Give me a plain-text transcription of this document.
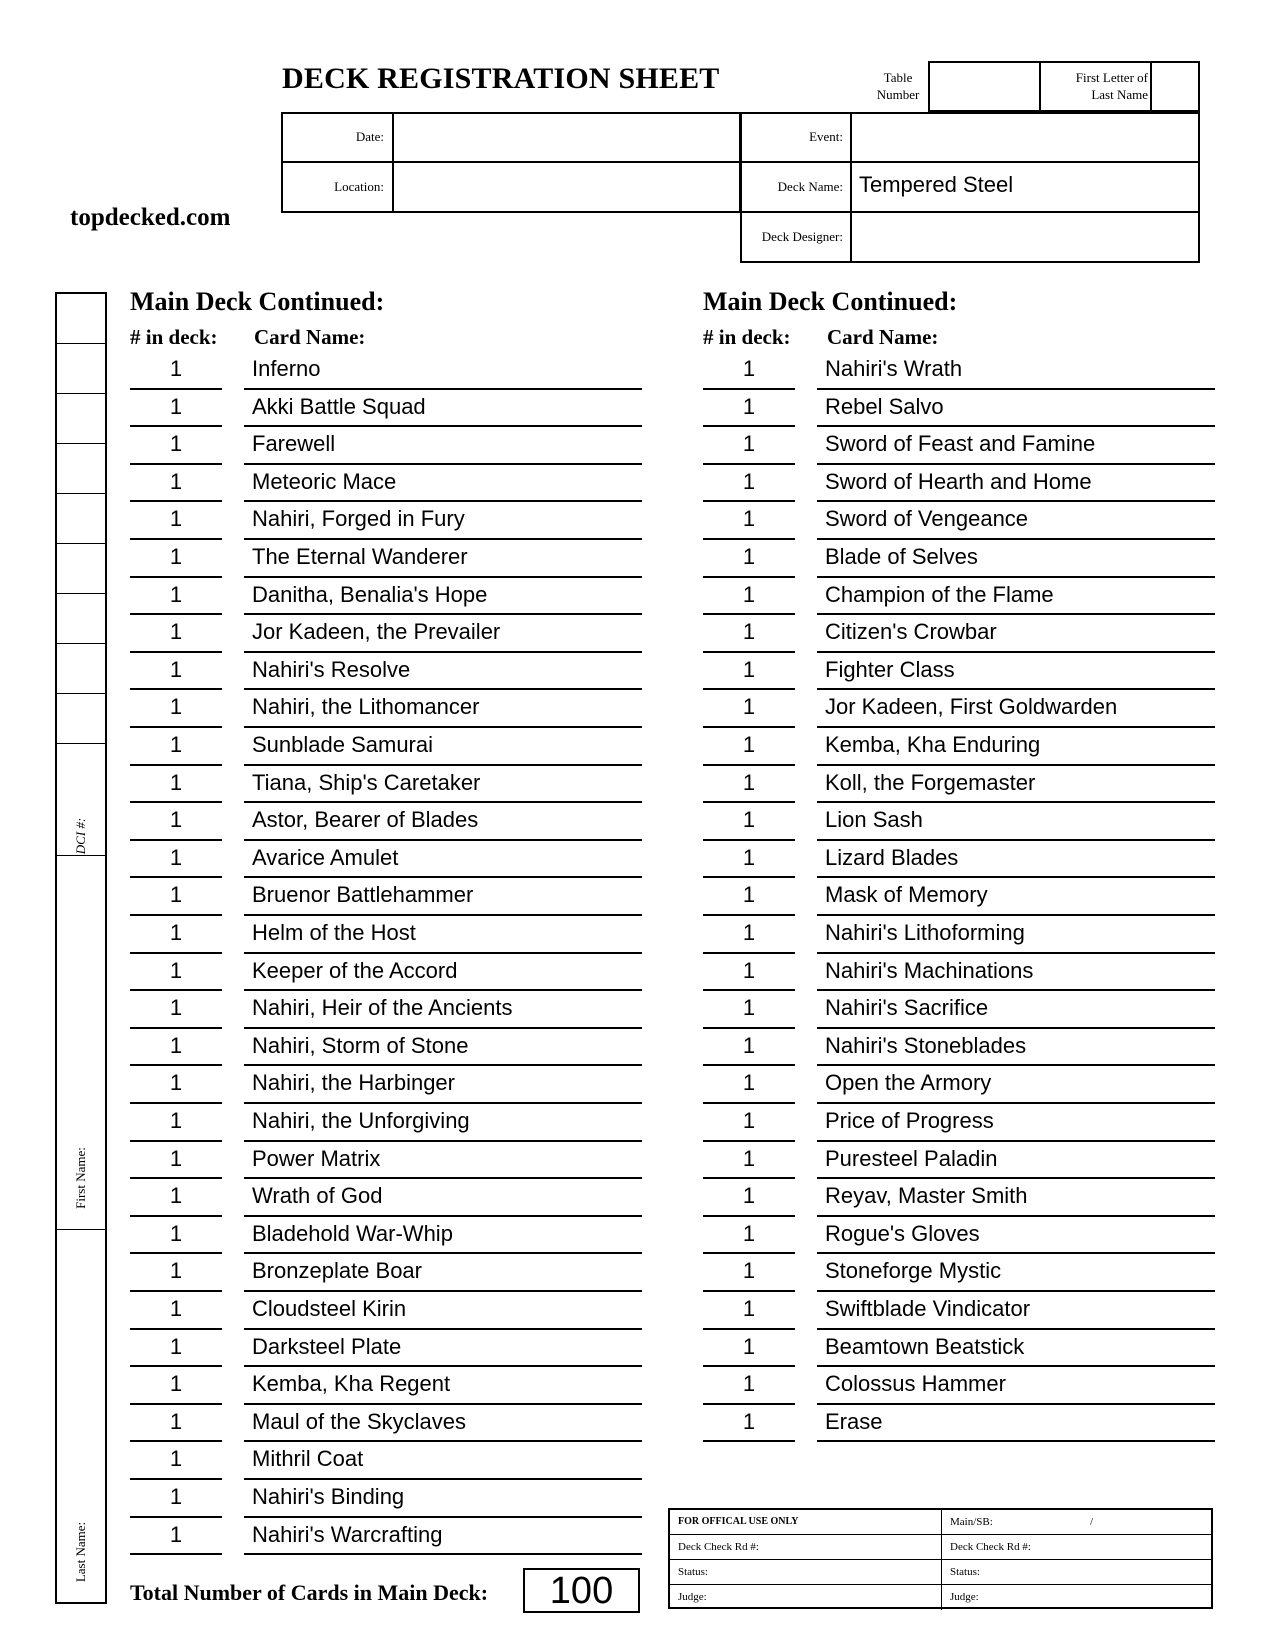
DECK REGISTRATION SHEET
topdecked.com
Table
Number
First Letter of
Last Name
Date:
Location:
Event:
Deck Name: Tempered Steel
Deck Designer:
DCI #:
First Name:
Last Name:
Main Deck Continued:
# in deck: Card Name:
Main Deck Continued:
# in deck: Card Name:
1	Inferno
1	Akki Battle Squad
1	Farewell
1	Meteoric Mace
1	Nahiri, Forged in Fury
1	The Eternal Wanderer
1	Danitha, Benalia's Hope
1	Jor Kadeen, the Prevailer
1	Nahiri's Resolve
1	Nahiri, the Lithomancer
1	Sunblade Samurai
1	Tiana, Ship's Caretaker
1	Astor, Bearer of Blades
1	Avarice Amulet
1	Bruenor Battlehammer
1	Helm of the Host
1	Keeper of the Accord
1	Nahiri, Heir of the Ancients
1	Nahiri, Storm of Stone
1	Nahiri, the Harbinger
1	Nahiri, the Unforgiving
1	Power Matrix
1	Wrath of God
1	Bladehold War-Whip
1	Bronzeplate Boar
1	Cloudsteel Kirin
1	Darksteel Plate
1	Kemba, Kha Regent
1	Maul of the Skyclaves
1	Mithril Coat
1	Nahiri's Binding
1	Nahiri's Warcrafting
1	Nahiri's Wrath
1	Rebel Salvo
1	Sword of Feast and Famine
1	Sword of Hearth and Home
1	Sword of Vengeance
1	Blade of Selves
1	Champion of the Flame
1	Citizen's Crowbar
1	Fighter Class
1	Jor Kadeen, First Goldwarden
1	Kemba, Kha Enduring
1	Koll, the Forgemaster
1	Lion Sash
1	Lizard Blades
1	Mask of Memory
1	Nahiri's Lithoforming
1	Nahiri's Machinations
1	Nahiri's Sacrifice
1	Nahiri's Stoneblades
1	Open the Armory
1	Price of Progress
1	Puresteel Paladin
1	Reyav, Master Smith
1	Rogue's Gloves
1	Stoneforge Mystic
1	Swiftblade Vindicator
1	Beamtown Beatstick
1	Colossus Hammer
1	Erase
Total Number of Cards in Main Deck:	100
FOR OFFICAL USE ONLY	Main/SB:	/
Deck Check Rd #:	Deck Check Rd #:
Status:	Status:
Judge:	Judge:
